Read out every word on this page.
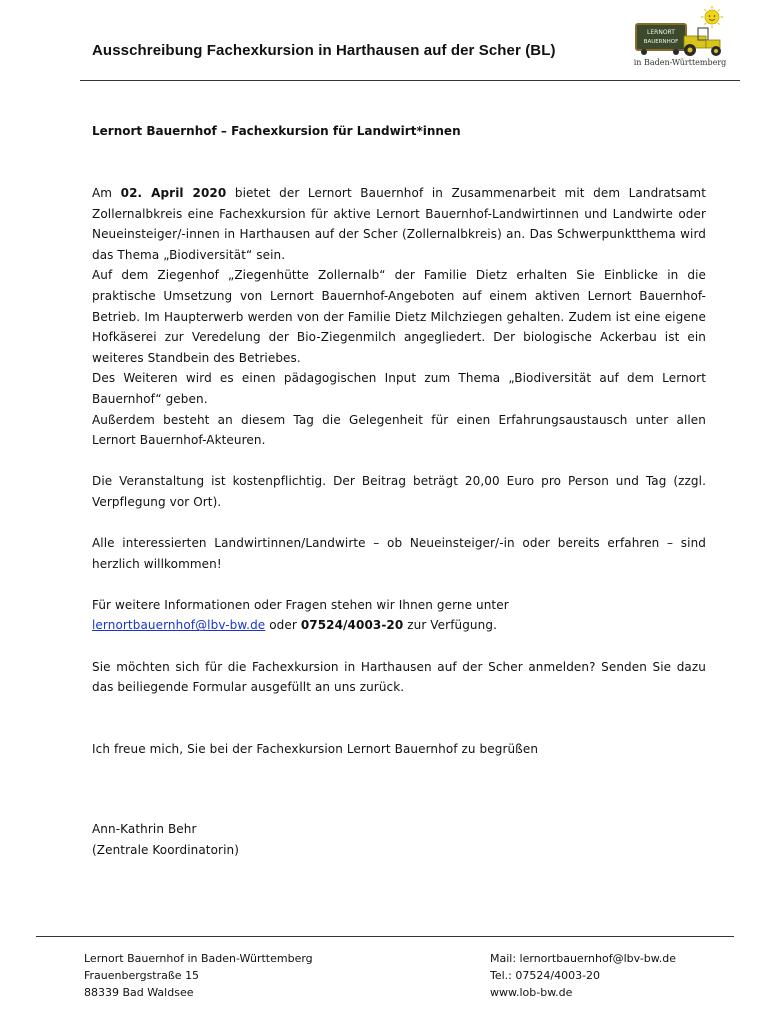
Ausschreibung Fachexkursion in Harthausen auf der Scher (BL)
LERNORT
BAUERNHOF
in Baden-Württemberg
Lernort Bauernhof – Fachexkursion für Landwirt*innen

Am 02. April 2020 bietet der Lernort Bauernhof in Zusammenarbeit mit dem Landratsamt Zollernalbkreis eine Fachexkursion für aktive Lernort Bauernhof-Landwirtinnen und Landwirte oder Neueinsteiger/-innen in Harthausen auf der Scher (Zollernalbkreis) an. Das Schwerpunktthema wird das Thema „Biodiversität“ sein.

Auf dem Ziegenhof „Ziegenhütte Zollernalb“ der Familie Dietz erhalten Sie Einblicke in die praktische Umsetzung von Lernort Bauernhof-Angeboten auf einem aktiven Lernort Bauernhof-Betrieb. Im Haupterwerb werden von der Familie Dietz Milchziegen gehalten. Zudem ist eine eigene Hofkäserei zur Veredelung der Bio-Ziegenmilch angegliedert. Der biologische Ackerbau ist ein weiteres Standbein des Betriebes.

Des Weiteren wird es einen pädagogischen Input zum Thema „Biodiversität auf dem Lernort Bauernhof“ geben.

Außerdem besteht an diesem Tag die Gelegenheit für einen Erfahrungsaustausch unter allen Lernort Bauernhof-Akteuren.

Die Veranstaltung ist kostenpflichtig. Der Beitrag beträgt 20,00 Euro pro Person und Tag (zzgl. Verpflegung vor Ort).

Alle interessierten Landwirtinnen/Landwirte – ob Neueinsteiger/-in oder bereits erfahren – sind herzlich willkommen!

Für weitere Informationen oder Fragen stehen wir Ihnen gerne unter
lernortbauernhof@lbv-bw.de oder 07524/4003-20 zur Verfügung.

Sie möchten sich für die Fachexkursion in Harthausen auf der Scher anmelden? Senden Sie dazu das beiliegende Formular ausgefüllt an uns zurück.

Ich freue mich, Sie bei der Fachexkursion Lernort Bauernhof zu begrüßen

Ann-Kathrin Behr

(Zentrale Koordinatorin)

Lernort Bauernhof in Baden-Württemberg
Frauenbergstraße 15
88339 Bad Waldsee
Mail: lernortbauernhof@lbv-bw.de
Tel.: 07524/4003-20
www.lob-bw.de
